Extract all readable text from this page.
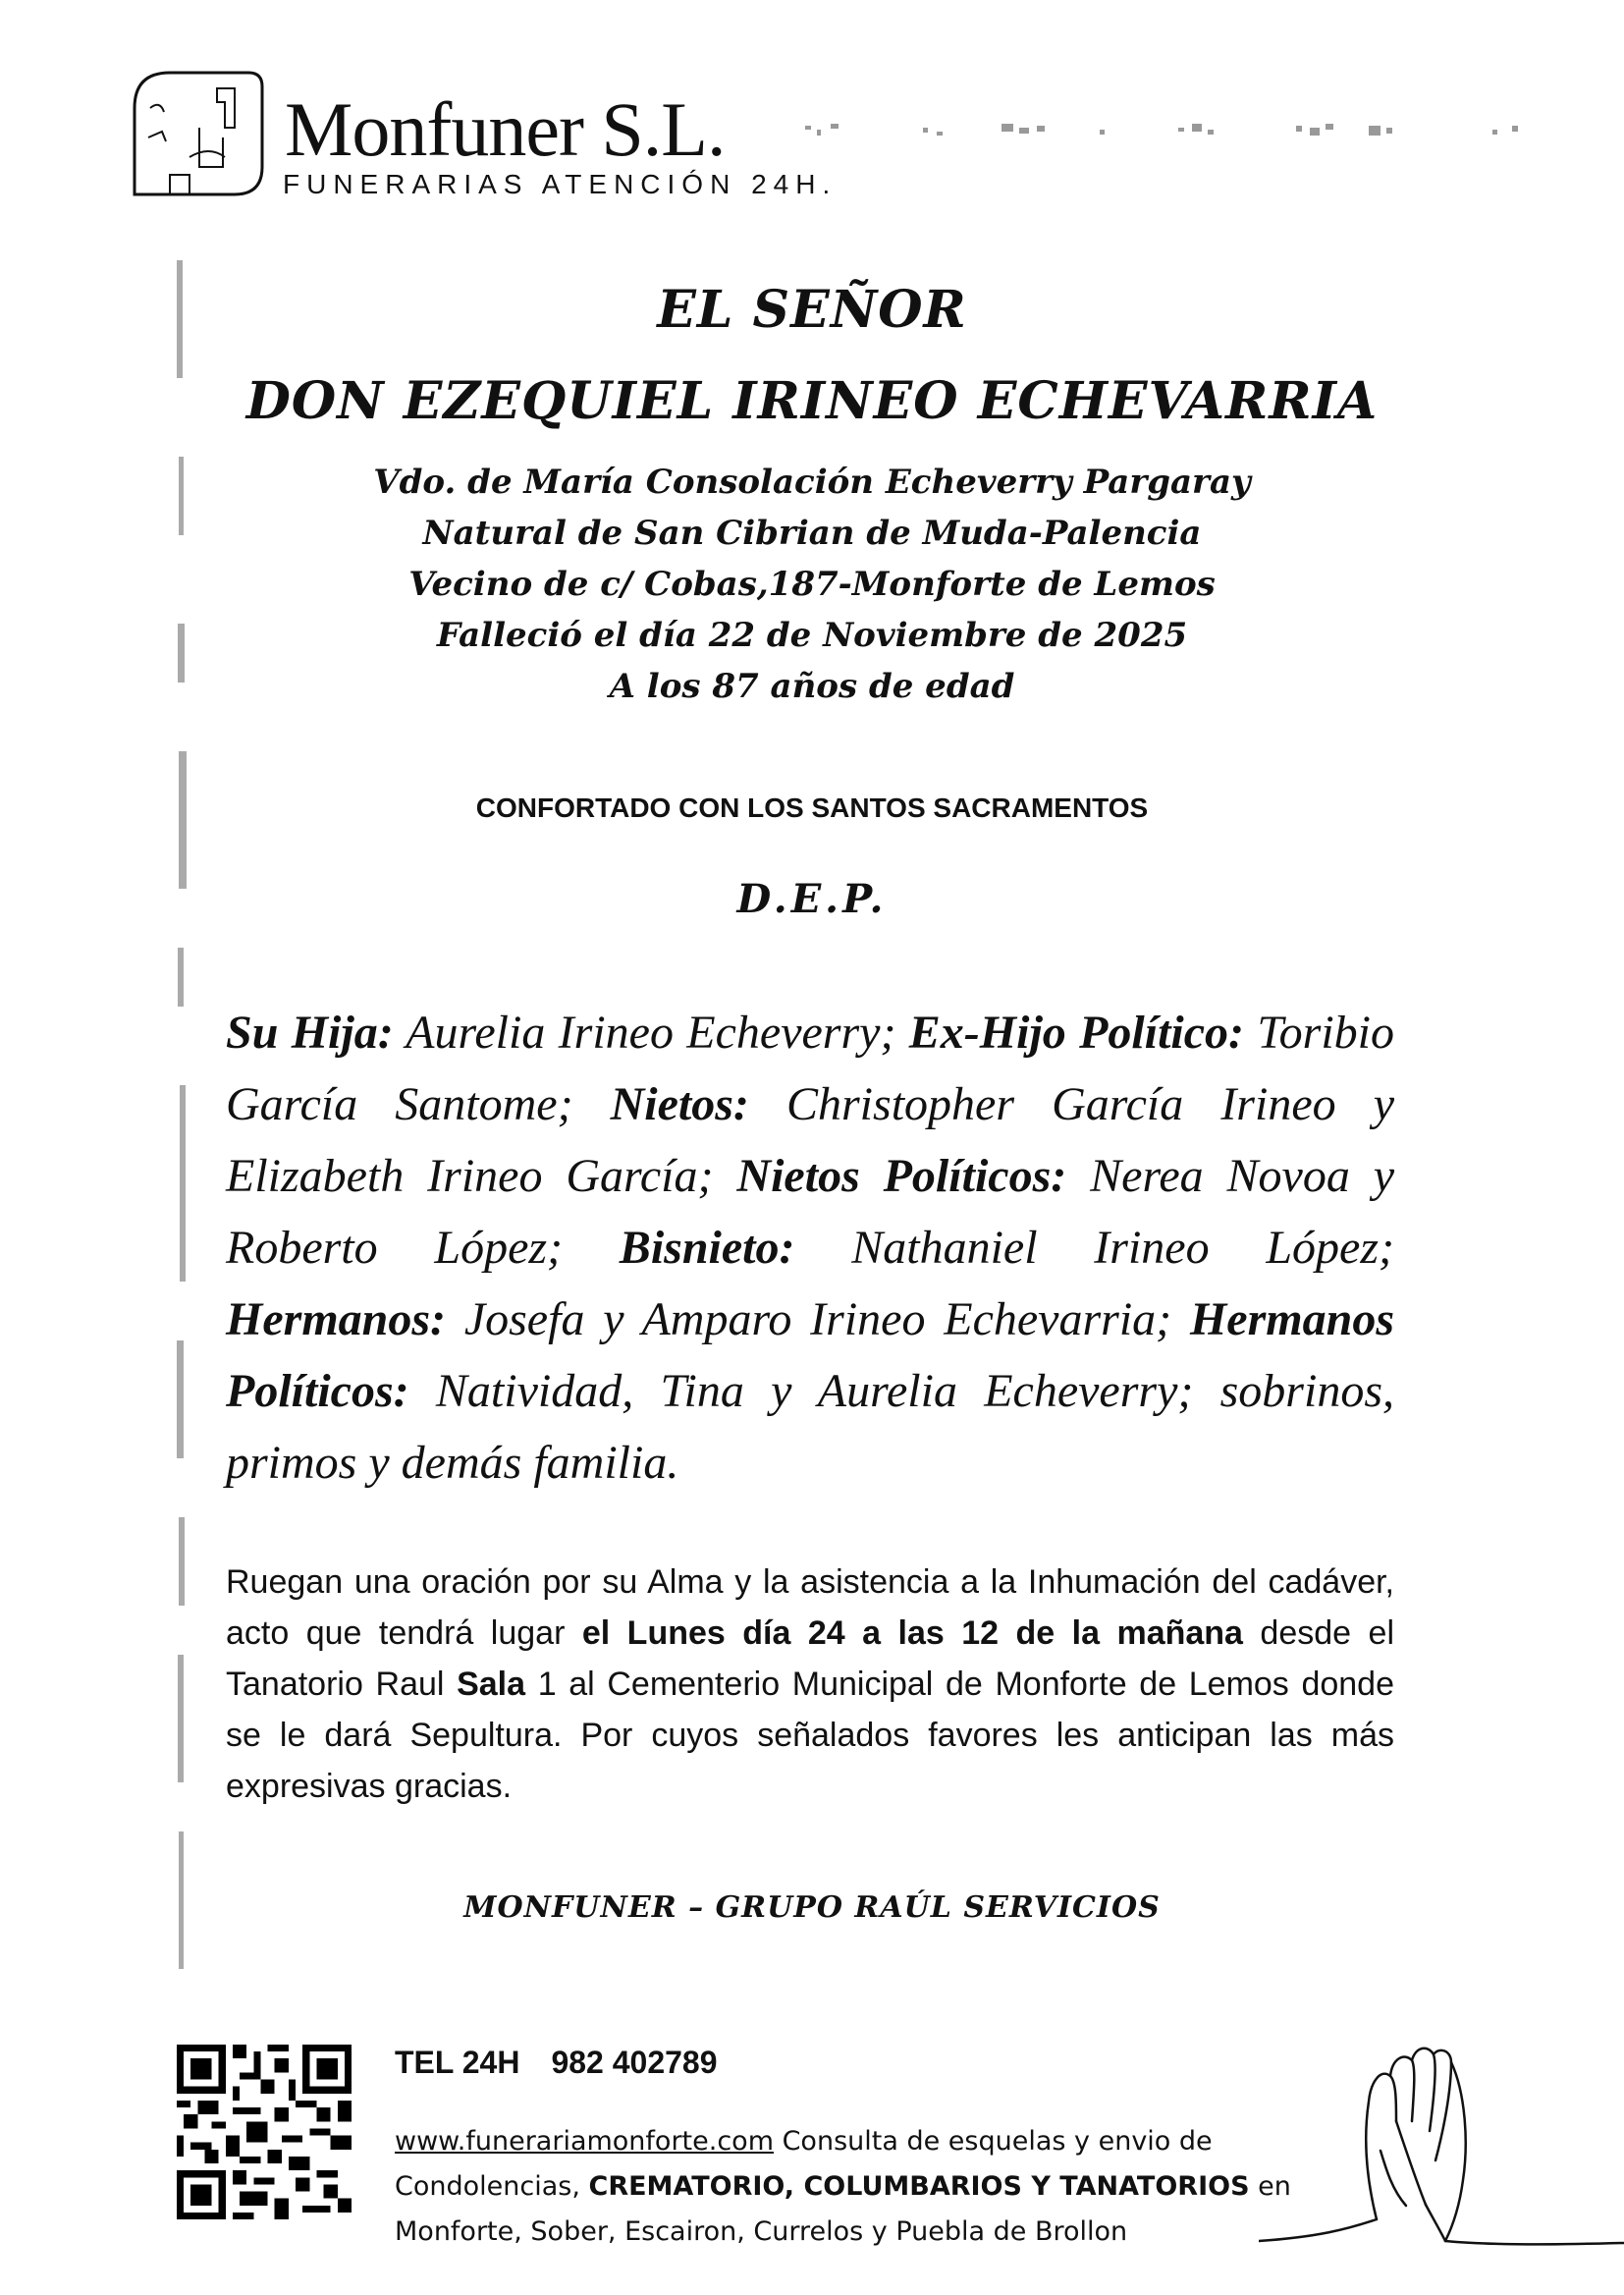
Monfuner S.L.
FUNERARIAS ATENCIÓN 24H.
EL SEÑOR
DON EZEQUIEL IRINEO ECHEVARRIA
Vdo. de María Consolación Echeverry Pargaray
Natural de San Cibrian de Muda-Palencia
Vecino de c/ Cobas,187-Monforte de Lemos
Falleció el día 22 de Noviembre de 2025
A los 87 años de edad
CONFORTADO CON LOS SANTOS SACRAMENTOS
D.E.P.
Su Hija: Aurelia Irineo Echeverry; Ex-Hijo Político: Toribio García Santome; Nietos: Christopher García Irineo y Elizabeth Irineo García; Nietos Políticos: Nerea Novoa y Roberto López; Bisnieto: Nathaniel Irineo López; Hermanos: Josefa y Amparo Irineo Echevarria; Hermanos Políticos: Natividad, Tina y Aurelia Echeverry; sobrinos, primos y demás familia.
Ruegan una oración por su Alma y la asistencia a la Inhumación del cadáver, acto que tendrá lugar el Lunes día 24 a las 12 de la mañana desde el Tanatorio Raul Sala 1 al Cementerio Municipal de Monforte de Lemos donde se le dará Sepultura. Por cuyos señalados favores les anticipan las más expresivas gracias.
MONFUNER – GRUPO RAÚL SERVICIOS
TEL 24H 982 402789
www.funerariamonforte.com Consulta de esquelas y envio de Condolencias, CREMATORIO, COLUMBARIOS Y TANATORIOS en Monforte, Sober, Escairon, Currelos y Puebla de Brollon
